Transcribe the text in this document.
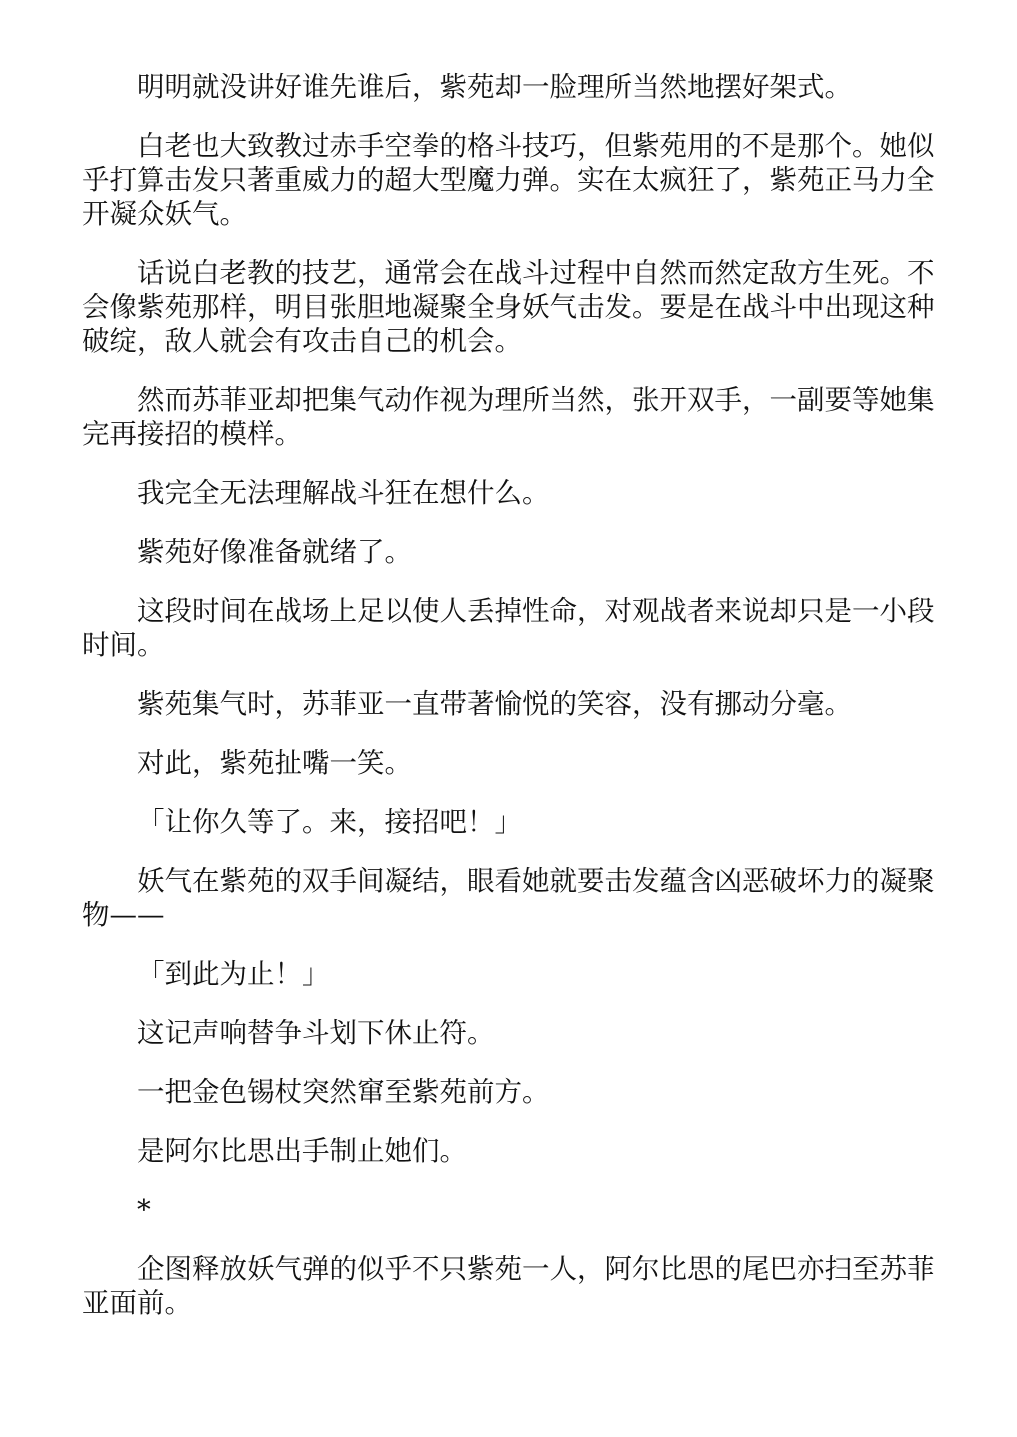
明明就没讲好谁先谁后，紫苑却一脸理所当然地摆好架式。

白老也大致教过赤手空拳的格斗技巧，但紫苑用的不是那个。她似乎打算击发只著重威力的超大型魔力弹。实在太疯狂了，紫苑正马力全开凝众妖气。

话说白老教的技艺，通常会在战斗过程中自然而然定敌方生死。不会像紫苑那样，明目张胆地凝聚全身妖气击发。要是在战斗中出现这种破绽，敌人就会有攻击自己的机会。

然而苏菲亚却把集气动作视为理所当然，张开双手，一副要等她集完再接招的模样。

我完全无法理解战斗狂在想什么。

紫苑好像准备就绪了。

这段时间在战场上足以使人丢掉性命，对观战者来说却只是一小段时间。

紫苑集气时，苏菲亚一直带著愉悦的笑容，没有挪动分毫。

对此，紫苑扯嘴一笑。

「让你久等了。来，接招吧！」

妖气在紫苑的双手间凝结，眼看她就要击发蕴含凶恶破坏力的凝聚物——

「到此为止！」

这记声响替争斗划下休止符。

一把金色锡杖突然窜至紫苑前方。

是阿尔比思出手制止她们。

*

企图释放妖气弹的似乎不只紫苑一人，阿尔比思的尾巴亦扫至苏菲亚面前。
